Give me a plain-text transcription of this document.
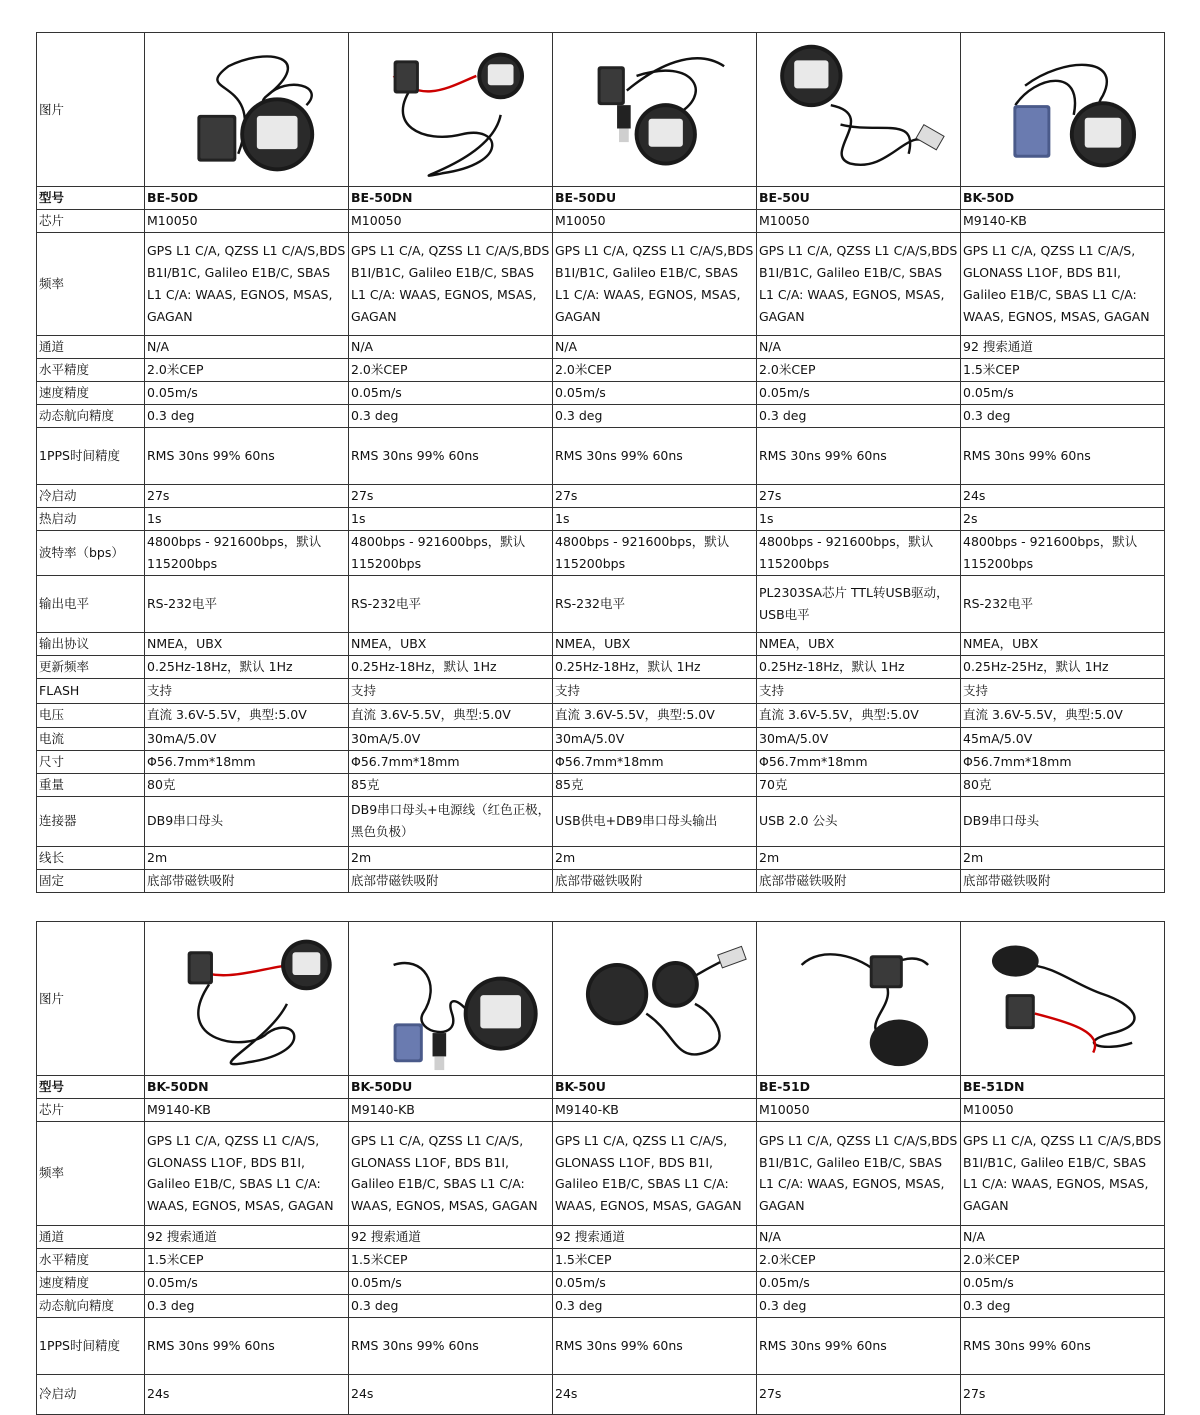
图片	

型号	BE-50D	BE-50DN	BE-50DU	BE-50U	BK-50D
芯片	M10050	M10050	M10050	M10050	M9140-KB
频率	GPS L1 C/A, QZSS L1 C/A/S,BDS B1I/B1C, Galileo E1B/C, SBAS L1 C/A: WAAS, EGNOS, MSAS, GAGAN	GPS L1 C/A, QZSS L1 C/A/S,BDS B1I/B1C, Galileo E1B/C, SBAS L1 C/A: WAAS, EGNOS, MSAS, GAGAN	GPS L1 C/A, QZSS L1 C/A/S,BDS B1I/B1C, Galileo E1B/C, SBAS L1 C/A: WAAS, EGNOS, MSAS, GAGAN	GPS L1 C/A, QZSS L1 C/A/S,BDS B1I/B1C, Galileo E1B/C, SBAS L1 C/A: WAAS, EGNOS, MSAS, GAGAN	GPS L1 C/A, QZSS L1 C/A/S, GLONASS L1OF, BDS B1I, Galileo E1B/C, SBAS L1 C/A: WAAS, EGNOS, MSAS, GAGAN
通道	N/A	N/A	N/A	N/A	92 搜索通道
水平精度	2.0米CEP	2.0米CEP	2.0米CEP	2.0米CEP	1.5米CEP
速度精度	0.05m/s	0.05m/s	0.05m/s	0.05m/s	0.05m/s
动态航向精度	0.3 deg	0.3 deg	0.3 deg	0.3 deg	0.3 deg
1PPS时间精度	RMS 30ns 99% 60ns	RMS 30ns 99% 60ns	RMS 30ns 99% 60ns	RMS 30ns 99% 60ns	RMS 30ns 99% 60ns
冷启动	27s	27s	27s	27s	24s
热启动	1s	1s	1s	1s	2s
波特率（bps）	4800bps - 921600bps，默认115200bps	4800bps - 921600bps，默认115200bps	4800bps - 921600bps，默认115200bps	4800bps - 921600bps，默认115200bps	4800bps - 921600bps，默认115200bps
输出电平	RS-232电平	RS-232电平	RS-232电平	PL2303SA芯片 TTL转USB驱动，USB电平	RS-232电平
输出协议	NMEA，UBX	NMEA，UBX	NMEA，UBX	NMEA，UBX	NMEA，UBX
更新频率	0.25Hz-18Hz，默认 1Hz	0.25Hz-18Hz，默认 1Hz	0.25Hz-18Hz，默认 1Hz	0.25Hz-18Hz，默认 1Hz	0.25Hz-25Hz，默认 1Hz
FLASH	支持	支持	支持	支持	支持
电压	直流 3.6V-5.5V，典型:5.0V	直流 3.6V-5.5V，典型:5.0V	直流 3.6V-5.5V，典型:5.0V	直流 3.6V-5.5V，典型:5.0V	直流 3.6V-5.5V，典型:5.0V
电流	30mA/5.0V	30mA/5.0V	30mA/5.0V	30mA/5.0V	45mA/5.0V
尺寸	Φ56.7mm*18mm	Φ56.7mm*18mm	Φ56.7mm*18mm	Φ56.7mm*18mm	Φ56.7mm*18mm
重量	80克	85克	85克	70克	80克
连接器	DB9串口母头	DB9串口母头+电源线（红色正极，黑色负极）	USB供电+DB9串口母头输出	USB 2.0 公头	DB9串口母头
线长	2m	2m	2m	2m	2m
固定	底部带磁铁吸附	底部带磁铁吸附	底部带磁铁吸附	底部带磁铁吸附	底部带磁铁吸附
图片	

型号	BK-50DN	BK-50DU	BK-50U	BE-51D	BE-51DN
芯片	M9140-KB	M9140-KB	M9140-KB	M10050	M10050
频率	GPS L1 C/A, QZSS L1 C/A/S, GLONASS L1OF, BDS B1I, Galileo E1B/C, SBAS L1 C/A: WAAS, EGNOS, MSAS, GAGAN	GPS L1 C/A, QZSS L1 C/A/S, GLONASS L1OF, BDS B1I, Galileo E1B/C, SBAS L1 C/A: WAAS, EGNOS, MSAS, GAGAN	GPS L1 C/A, QZSS L1 C/A/S, GLONASS L1OF, BDS B1I, Galileo E1B/C, SBAS L1 C/A: WAAS, EGNOS, MSAS, GAGAN	GPS L1 C/A, QZSS L1 C/A/S,BDS B1I/B1C, Galileo E1B/C, SBAS L1 C/A: WAAS, EGNOS, MSAS, GAGAN	GPS L1 C/A, QZSS L1 C/A/S,BDS B1I/B1C, Galileo E1B/C, SBAS L1 C/A: WAAS, EGNOS, MSAS, GAGAN
通道	92 搜索通道	92 搜索通道	92 搜索通道	N/A	N/A
水平精度	1.5米CEP	1.5米CEP	1.5米CEP	2.0米CEP	2.0米CEP
速度精度	0.05m/s	0.05m/s	0.05m/s	0.05m/s	0.05m/s
动态航向精度	0.3 deg	0.3 deg	0.3 deg	0.3 deg	0.3 deg
1PPS时间精度	RMS 30ns 99% 60ns	RMS 30ns 99% 60ns	RMS 30ns 99% 60ns	RMS 30ns 99% 60ns	RMS 30ns 99% 60ns
冷启动	24s	24s	24s	27s	27s
